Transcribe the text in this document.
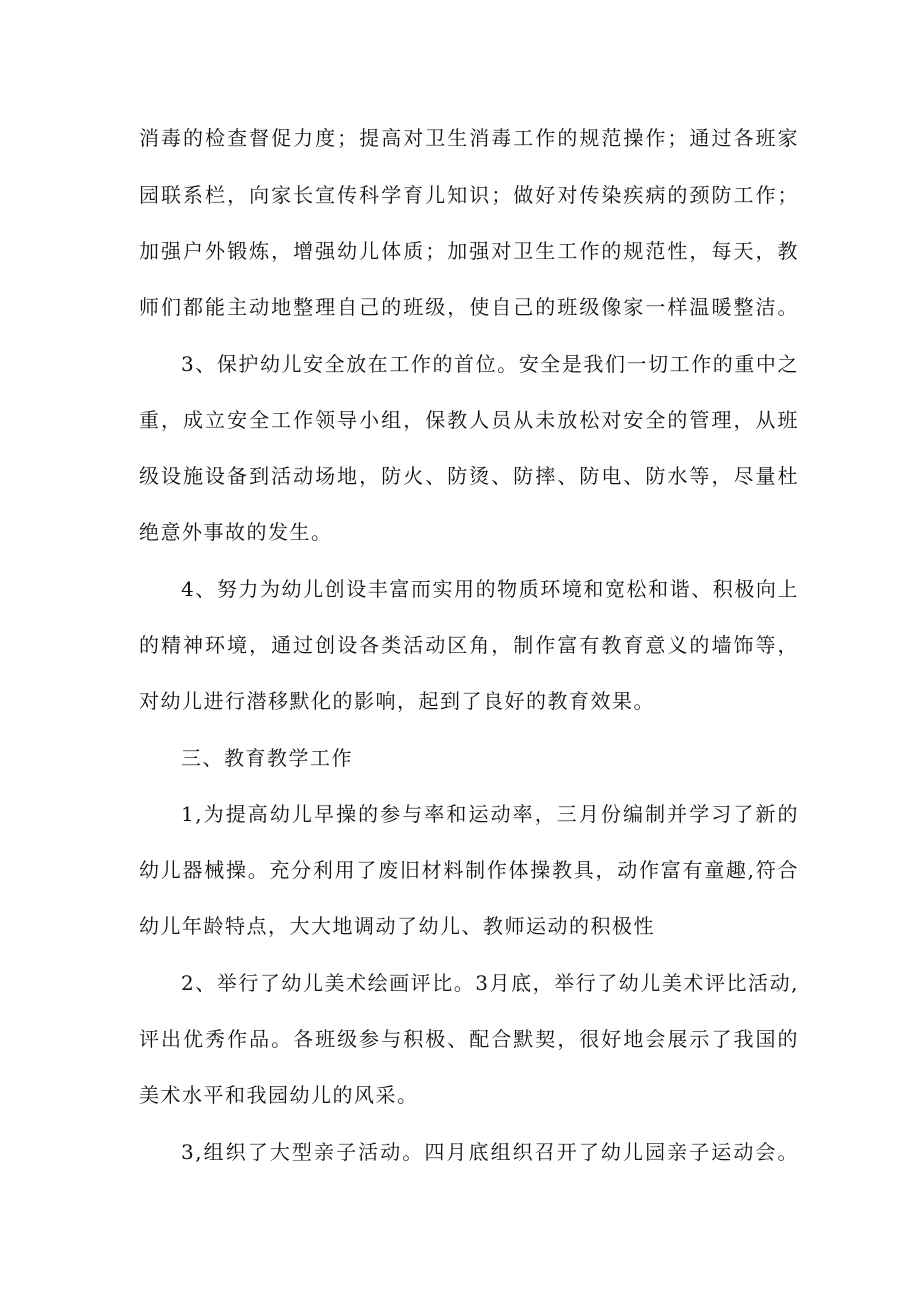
消毒的检查督促力度；提高对卫生消毒工作的规范操作；通过各班家
园联系栏，向家长宣传科学育儿知识；做好对传染疾病的颈防工作；
加强户外锻炼，增强幼儿体质；加强对卫生工作的规范性，每天，教
师们都能主动地整理自己的班级，使自己的班级像家一样温暖整洁。
3、保护幼儿安全放在工作的首位。安全是我们一切工作的重中之
重，成立安全工作领导小组，保教人员从未放松对安全的管理，从班
级设施设备到活动场地，防火、防烫、防摔、防电、防水等，尽量杜
绝意外事故的发生。
4、努力为幼儿创设丰富而实用的物质环境和宽松和谐、积极向上
的精神环境，通过创设各类活动区角，制作富有教育意义的墙饰等，
对幼儿进行潜移默化的影响，起到了良好的教育效果。
三、教育教学工作
1,为提高幼儿早操的参与率和运动率，三月份编制并学习了新的
幼儿器械操。充分利用了废旧材料制作体操教具，动作富有童趣,符合
幼儿年龄特点，大大地调动了幼儿、教师运动的积极性
2、举行了幼儿美术绘画评比。3月底，举行了幼儿美术评比活动,
评出优秀作品。各班级参与积极、配合默契，很好地会展示了我国的
美术水平和我园幼儿的风采。
3,组织了大型亲子活动。四月底组织召开了幼儿园亲子运动会。
